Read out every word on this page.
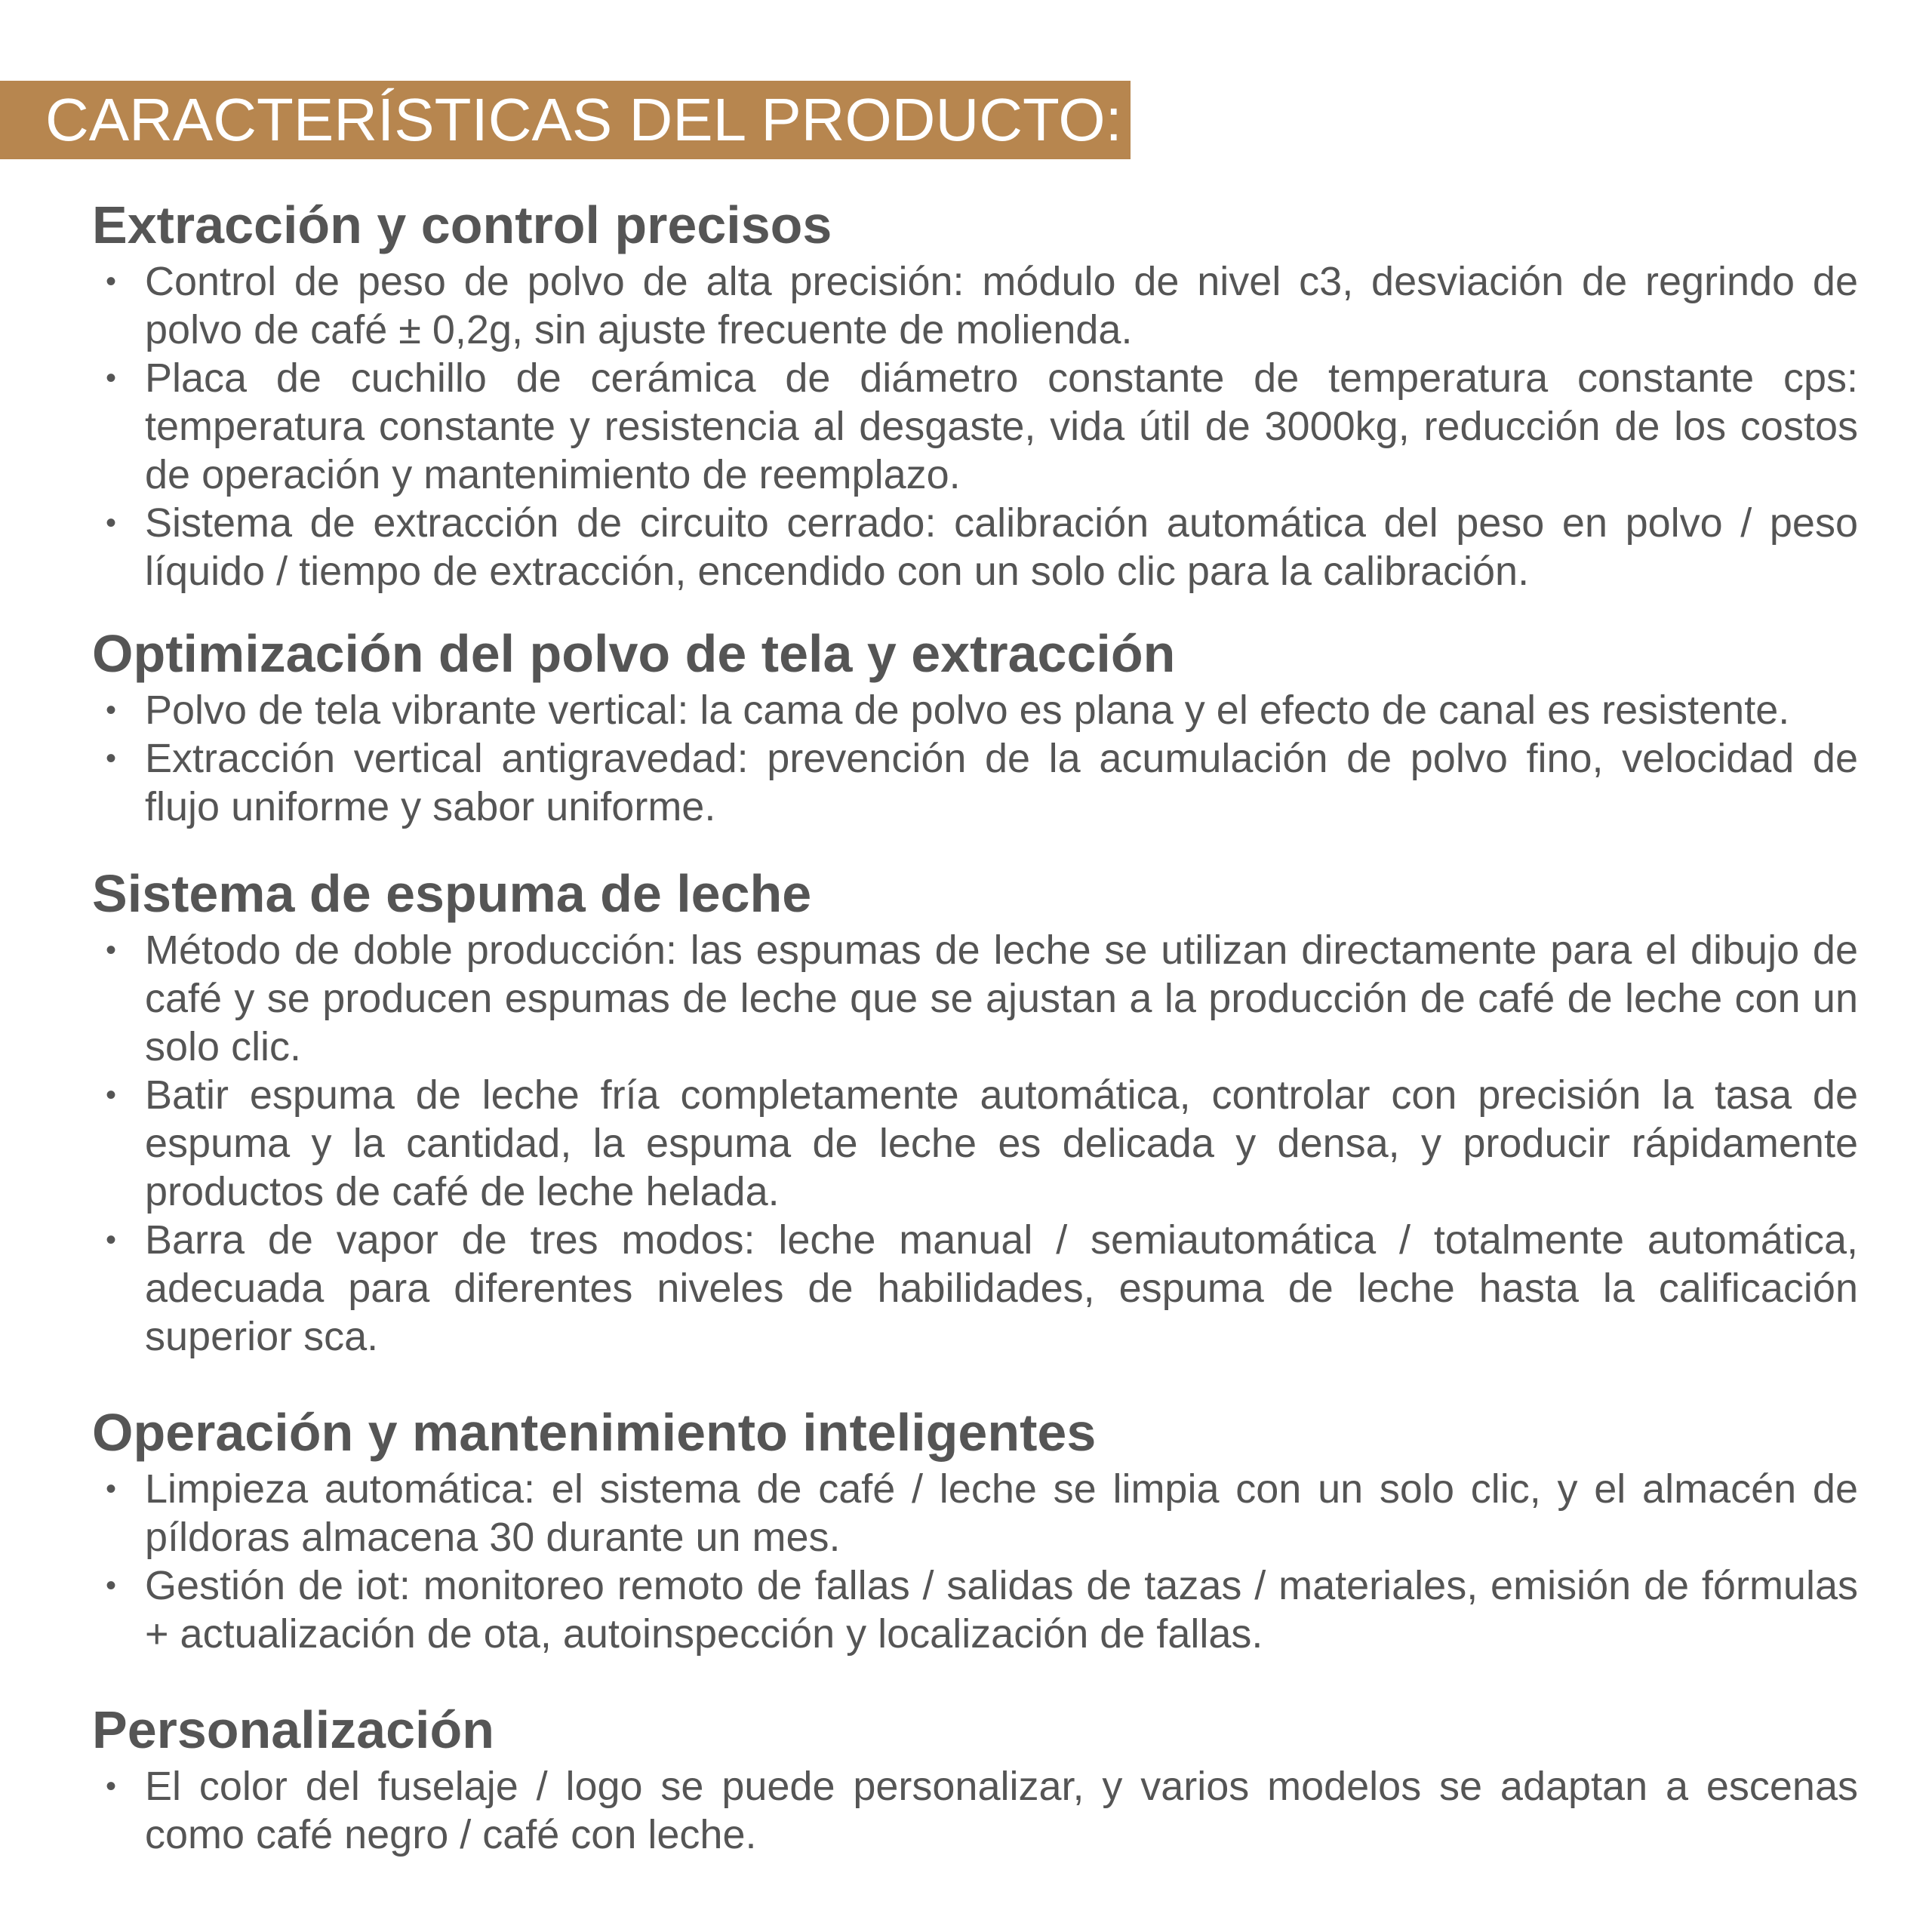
CARACTERÍSTICAS DEL PRODUCTO:
Extracción y control precisos
• Control de peso de polvo de alta precisión: módulo de nivel c3, desviación de regrindo de polvo de café ± 0,2g, sin ajuste frecuente de molienda.
• Placa de cuchillo de cerámica de diámetro constante de temperatura constante cps: temperatura constante y resistencia al desgaste, vida útil de 3000kg, reducción de los costos de operación y mantenimiento de reemplazo.
• Sistema de extracción de circuito cerrado: calibración automática del peso en polvo / peso líquido / tiempo de extracción, encendido con un solo clic para la calibración.
Optimización del polvo de tela y extracción
• Polvo de tela vibrante vertical: la cama de polvo es plana y el efecto de canal es resistente.
• Extracción vertical antigravedad: prevención de la acumulación de polvo fino, velocidad de flujo uniforme y sabor uniforme.
Sistema de espuma de leche
• Método de doble producción: las espumas de leche se utilizan directamente para el dibujo de café y se producen espumas de leche que se ajustan a la producción de café de leche con un solo clic.
• Batir espuma de leche fría completamente automática, controlar con precisión la tasa de espuma y la cantidad, la espuma de leche es delicada y densa, y producir rápidamente productos de café de leche helada.
• Barra de vapor de tres modos: leche manual / semiautomática / totalmente automática, adecuada para diferentes niveles de habilidades, espuma de leche hasta la calificación superior sca.
Operación y mantenimiento inteligentes
• Limpieza automática: el sistema de café / leche se limpia con un solo clic, y el almacén de píldoras almacena 30 durante un mes.
• Gestión de iot: monitoreo remoto de fallas / salidas de tazas / materiales, emisión de fórmulas + actualización de ota, autoinspección y localización de fallas.
Personalización
• El color del fuselaje / logo se puede personalizar, y varios modelos se adaptan a escenas como café negro / café con leche.
